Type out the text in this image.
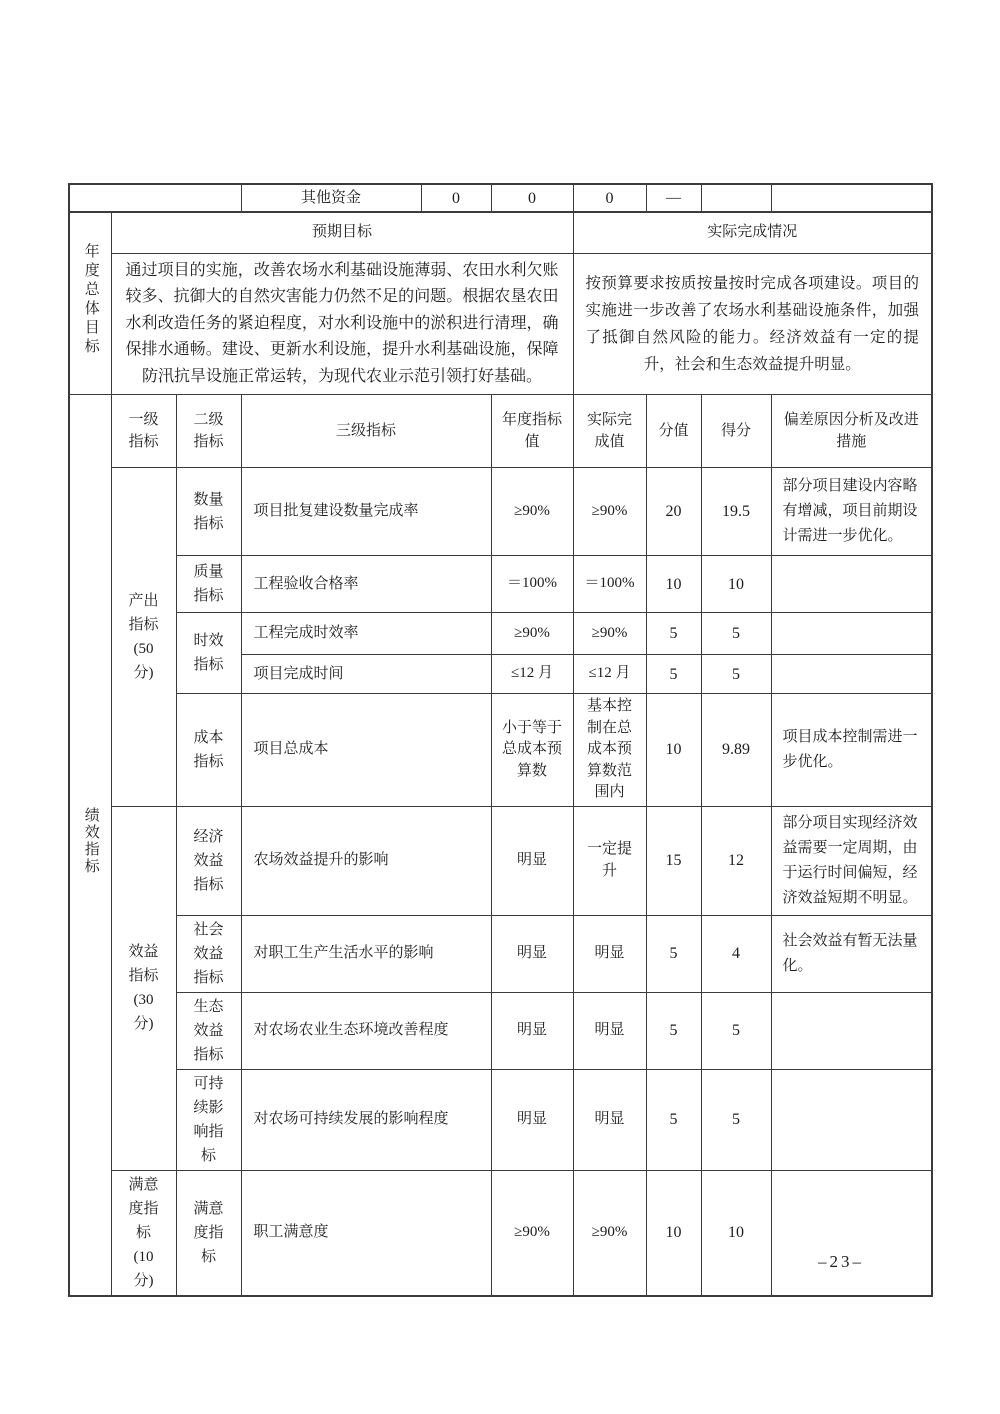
			其他资金	0	0	0	—		
年度总体目标	预期目标					实际完成情况			
	通过项目的实施，改善农场水利基础设施薄弱、农田水利欠账较多、抗御大的自然灾害能力仍然不足的问题。根据农垦农田水利改造任务的紧迫程度，对水利设施中的淤积进行清理，确保排水通畅。建设、更新水利设施，提升水利基础设施，保障防汛抗旱设施正常运转，为现代农业示范引领打好基础。					按预算要求按质按量按时完成各项建设。项目的实施进一步改善了农场水利基础设施条件，加强了抵御自然风险的能力。经济效益有一定的提升，社会和生态效益提升明显。			
绩效指标	一级指标	二级指标	三级指标		年度指标值	实际完成值	分值	得分	偏差原因分析及改进措施
	产出指标(50分)	数量指标	项目批复建设数量完成率		≥90%	≥90%	20	19.5	部分项目建设内容略有增减，项目前期设计需进一步优化。
		质量指标	工程验收合格率		＝100%	＝100%	10	10	
		时效指标	工程完成时效率		≥90%	≥90%	5	5	
			项目完成时间		≤12 月	≤12 月	5	5	
		成本指标	项目总成本		小于等于总成本预算数	基本控制在总成本预算数范围内	10	9.89	项目成本控制需进一步优化。
	效益指标(30分)	经济效益指标	农场效益提升的影响		明显	一定提升	15	12	部分项目实现经济效益需要一定周期，由于运行时间偏短，经济效益短期不明显。
		社会效益指标	对职工生产生活水平的影响		明显	明显	5	4	社会效益有暂无法量化。
		生态效益指标	对农场农业生态环境改善程度		明显	明显	5	5	
		可持续影响指标	对农场可持续发展的影响程度		明显	明显	5	5	
	满意度指标(10分)	满意度指标	职工满意度		≥90%	≥90%	10	10	
–23–
